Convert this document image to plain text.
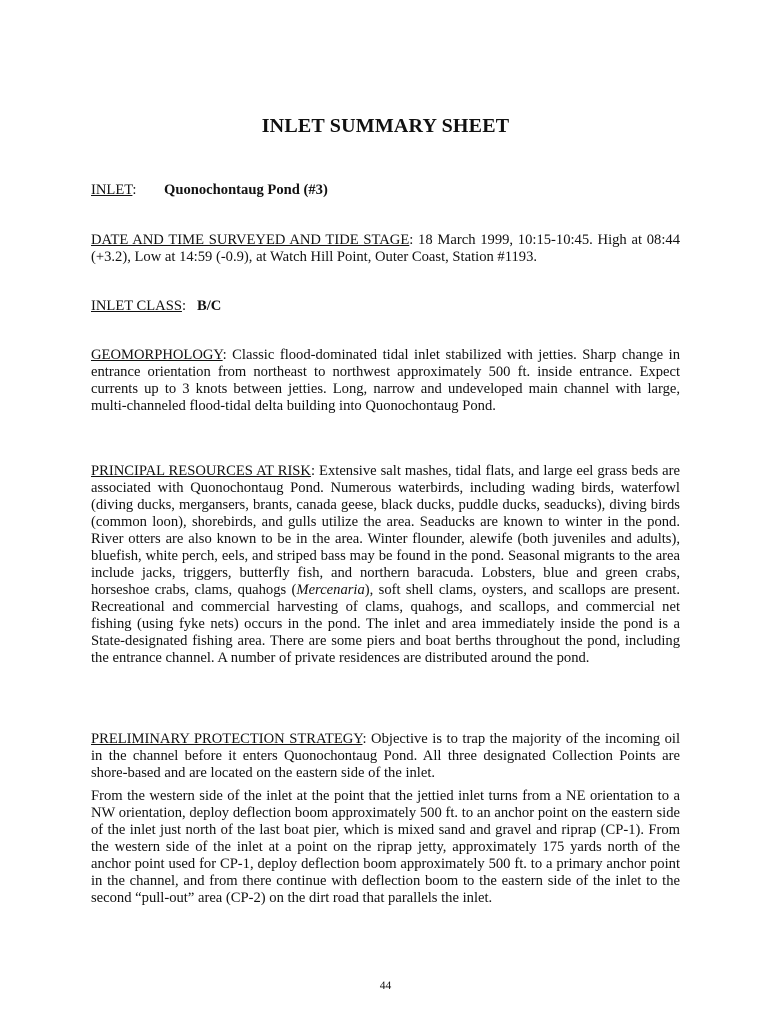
INLET SUMMARY SHEET
INLET: Quonochontaug Pond (#3)
DATE AND TIME SURVEYED AND TIDE STAGE: 18 March 1999, 10:15-10:45. High at 08:44 (+3.2), Low at 14:59 (-0.9), at Watch Hill Point, Outer Coast, Station #1193.
INLET CLASS: B/C
GEOMORPHOLOGY: Classic flood-dominated tidal inlet stabilized with jetties. Sharp change in entrance orientation from northeast to northwest approximately 500 ft. inside entrance. Expect currents up to 3 knots between jetties. Long, narrow and undeveloped main channel with large, multi-channeled flood-tidal delta building into Quonochontaug Pond.
PRINCIPAL RESOURCES AT RISK: Extensive salt mashes, tidal flats, and large eel grass beds are associated with Quonochontaug Pond. Numerous waterbirds, including wading birds, waterfowl (diving ducks, mergansers, brants, canada geese, black ducks, puddle ducks, seaducks), diving birds (common loon), shorebirds, and gulls utilize the area. Seaducks are known to winter in the pond. River otters are also known to be in the area. Winter flounder, alewife (both juveniles and adults), bluefish, white perch, eels, and striped bass may be found in the pond. Seasonal migrants to the area include jacks, triggers, butterfly fish, and northern baracuda. Lobsters, blue and green crabs, horseshoe crabs, clams, quahogs (Mercenaria), soft shell clams, oysters, and scallops are present. Recreational and commercial harvesting of clams, quahogs, and scallops, and commercial net fishing (using fyke nets) occurs in the pond. The inlet and area immediately inside the pond is a State-designated fishing area. There are some piers and boat berths throughout the pond, including the entrance channel. A number of private residences are distributed around the pond.
PRELIMINARY PROTECTION STRATEGY: Objective is to trap the majority of the incoming oil in the channel before it enters Quonochontaug Pond. All three designated Collection Points are shore-based and are located on the eastern side of the inlet.
From the western side of the inlet at the point that the jettied inlet turns from a NE orientation to a NW orientation, deploy deflection boom approximately 500 ft. to an anchor point on the eastern side of the inlet just north of the last boat pier, which is mixed sand and gravel and riprap (CP-1). From the western side of the inlet at a point on the riprap jetty, approximately 175 yards north of the anchor point used for CP-1, deploy deflection boom approximately 500 ft. to a primary anchor point in the channel, and from there continue with deflection boom to the eastern side of the inlet to the second “pull-out” area (CP-2) on the dirt road that parallels the inlet.
44
